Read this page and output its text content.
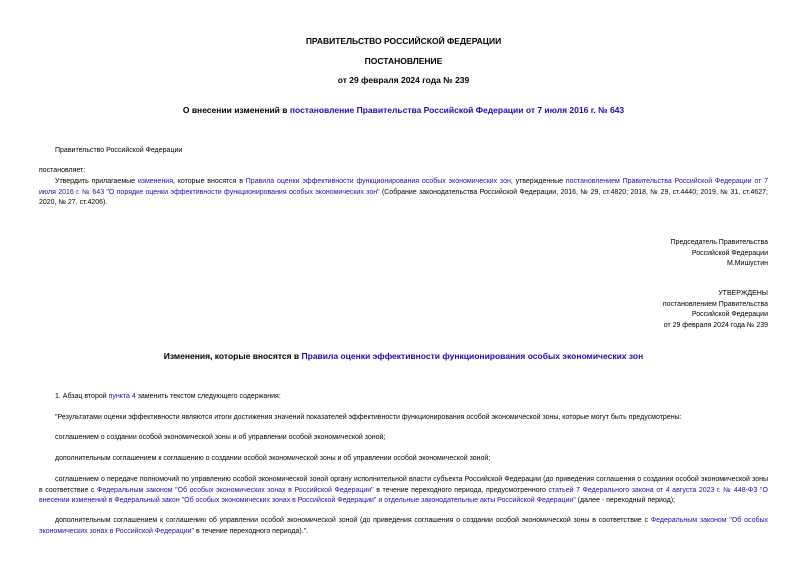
ПРАВИТЕЛЬСТВО РОССИЙСКОЙ ФЕДЕРАЦИИ
ПОСТАНОВЛЕНИЕ
от 29 февраля 2024 года № 239
О внесении изменений в постановление Правительства Российской Федерации от 7 июля 2016 г. № 643
Правительство Российской Федерации
постановляет:
Утвердить прилагаемые изменения, которые вносятся в Правила оценки эффективности функционирования особых экономических зон, утвержденные постановлением Правительства Российской Федерации от 7 июля 2016 г. № 643 "О порядке оценки эффективности функционирования особых экономических зон" (Собрание законодательства Российской Федерации, 2016, № 29, ст.4820; 2018, № 29, ст.4440; 2019, № 31, ст.4627; 2020, № 27, ст.4206).
Председатель Правительства
Российской Федерации
М.Мишустин
УТВЕРЖДЕНЫ
постановлением Правительства
Российской Федерации
от 29 февраля 2024 года № 239
Изменения, которые вносятся в Правила оценки эффективности функционирования особых экономических зон
1. Абзац второй пункта 4 заменить текстом следующего содержания:
"Результатами оценки эффективности являются итоги достижения значений показателей эффективности функционирования особой экономической зоны, которые могут быть предусмотрены:
соглашением о создании особой экономической зоны и об управлении особой экономической зоной;
дополнительным соглашением к соглашению о создании особой экономической зоны и об управлении особой экономической зоной;
соглашением о передаче полномочий по управлению особой экономической зоной органу исполнительной власти субъекта Российской Федерации (до приведения соглашения о создании особой экономической зоны в соответствие с Федеральным законом "Об особых экономических зонах в Российской Федерации" в течение переходного периода, предусмотренного статьей 7 Федерального закона от 4 августа 2023 г. № 448-ФЗ "О внесении изменений в Федеральный закон "Об особых экономических зонах в Российской Федерации" и отдельные законодательные акты Российской Федерации" (далее - переходный период);
дополнительным соглашением к соглашению об управлении особой экономической зоной (до приведения соглашения о создании особой экономической зоны в соответствие с Федеральным законом "Об особых экономических зонах в Российской Федерации" в течение переходного периода).".
